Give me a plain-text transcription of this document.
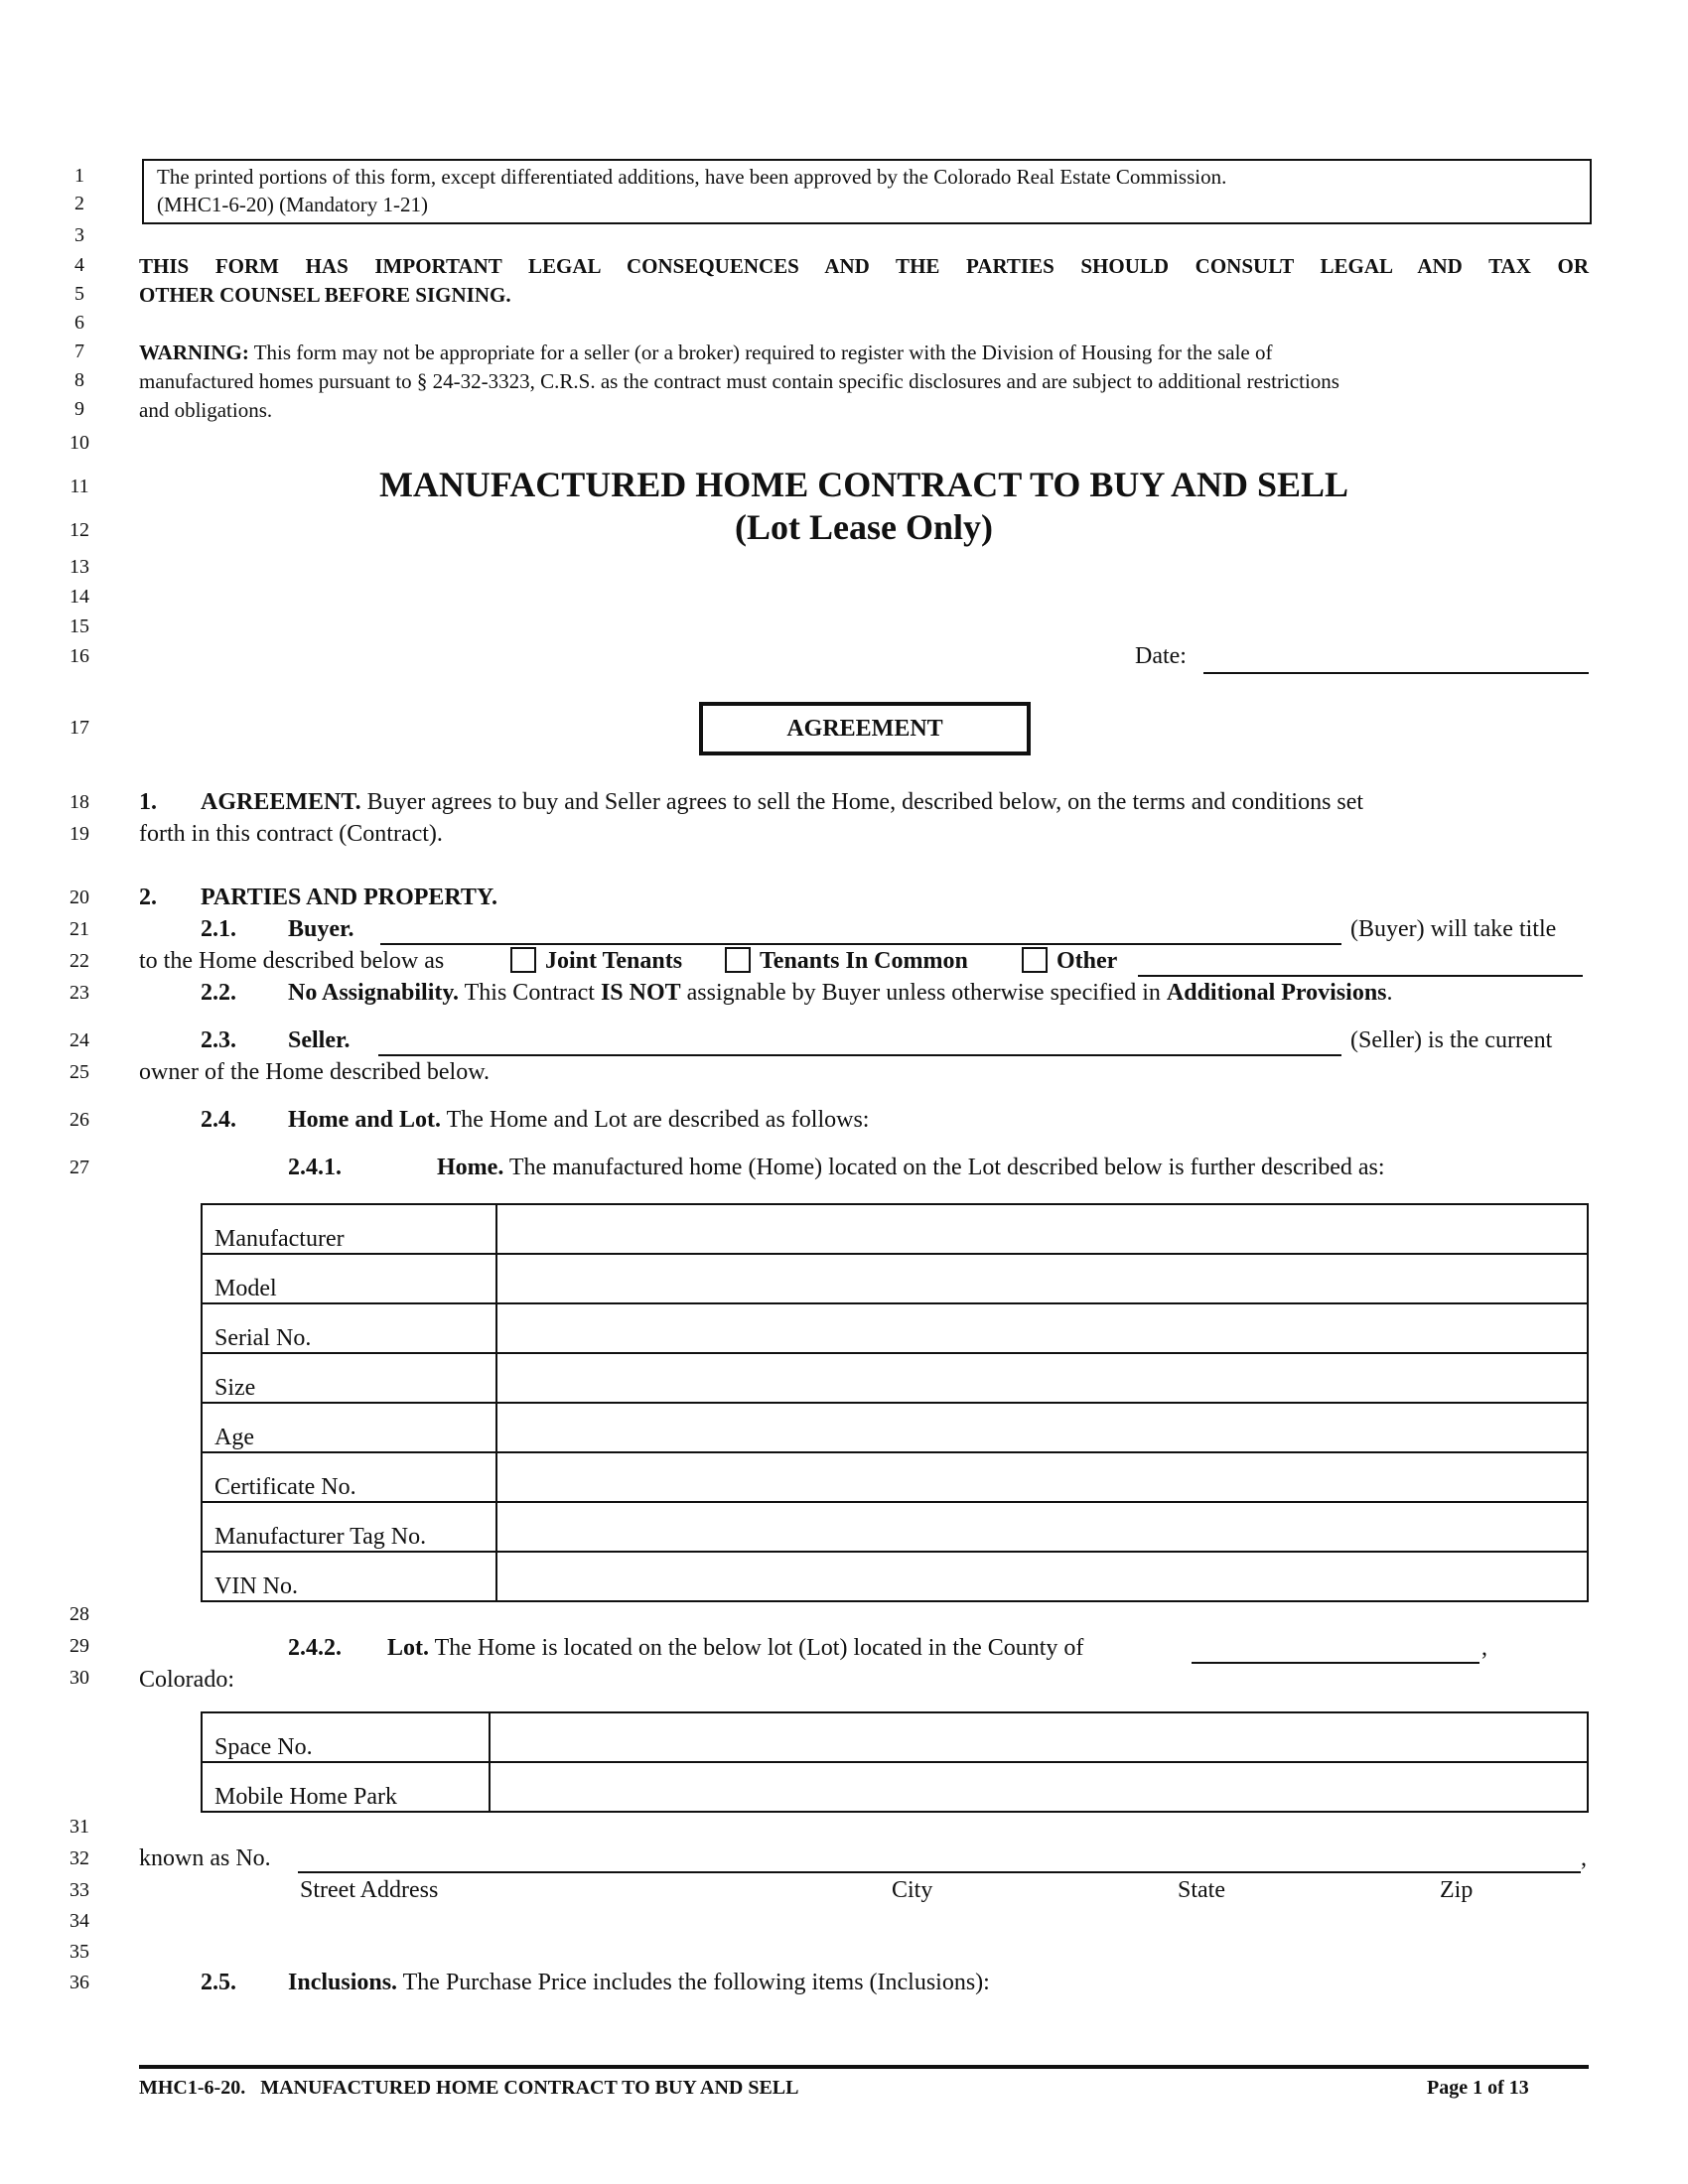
1
2
3
4
5
6
7
8
9
10
11
12
13
14
15
16
17
18
19
20
21
22
23
24
25
26
27
28
29
30
31
32
33
34
35
36
The printed portions of this form, except differentiated additions, have been approved by the Colorado Real Estate Commission.
(MHC1-6-20) (Mandatory 1-21)
THIS FORM HAS IMPORTANT LEGAL CONSEQUENCES AND THE PARTIES SHOULD CONSULT LEGAL AND TAX OR
OTHER COUNSEL BEFORE SIGNING.
WARNING: This form may not be appropriate for a seller (or a broker) required to register with the Division of Housing for the sale of
manufactured homes pursuant to § 24-32-3323, C.R.S. as the contract must contain specific disclosures and are subject to additional restrictions
and obligations.
MANUFACTURED HOME CONTRACT TO BUY AND SELL
(Lot Lease Only)
Date:
AGREEMENT
1. AGREEMENT. Buyer agrees to buy and Seller agrees to sell the Home, described below, on the terms and conditions set
forth in this contract (Contract).
2. PARTIES AND PROPERTY.
2.1. Buyer.	(Buyer) will take title
to the Home described below as	Joint Tenants	Tenants In Common	Other
2.2. No Assignability. This Contract IS NOT assignable by Buyer unless otherwise specified in Additional Provisions.
2.3. Seller.	(Seller) is the current
owner of the Home described below.
2.4. Home and Lot. The Home and Lot are described as follows:
2.4.1.	Home. The manufactured home (Home) located on the Lot described below is further described as:
Manufacturer	
Model	
Serial No.	
Size	
Age	
Certificate No.	
Manufacturer Tag No.	
VIN No.	
2.4.2. Lot. The Home is located on the below lot (Lot) located in the County of	,
Colorado:
Space No.	
Mobile Home Park	
known as No.	,
Street Address	City	State	Zip
2.5. Inclusions. The Purchase Price includes the following items (Inclusions):
MHC1-6-20.   MANUFACTURED HOME CONTRACT TO BUY AND SELL	Page 1 of 13
